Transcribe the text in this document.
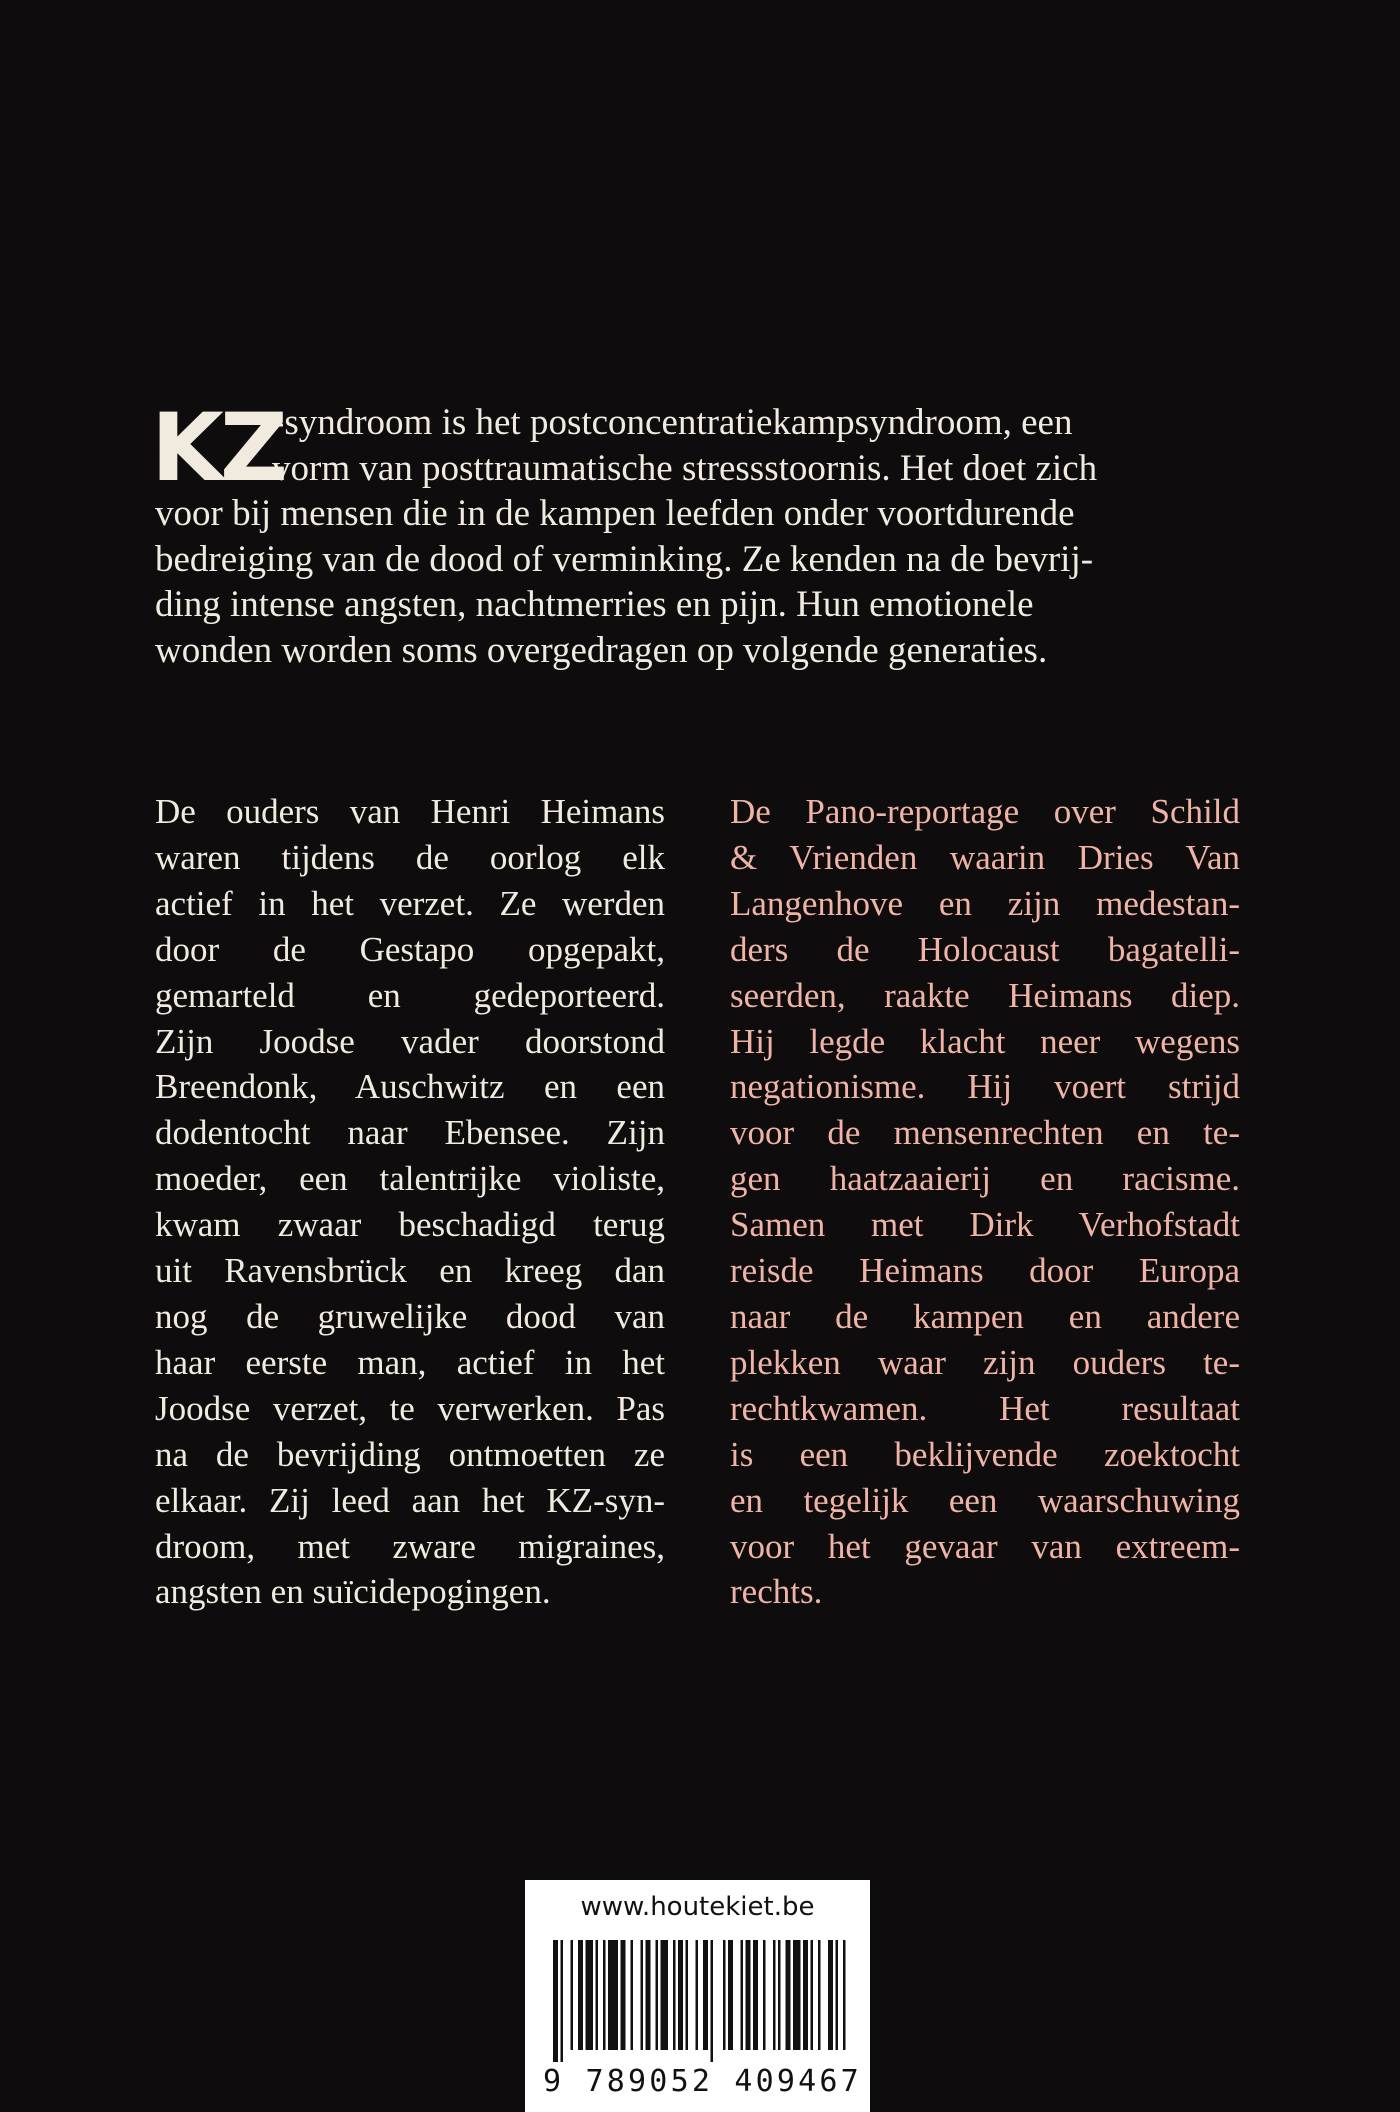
KZ
-syndroom is het postconcentratiekampsyndroom, een
vorm van posttraumatische stressstoornis. Het doet zich
voor bij mensen die in de kampen leefden onder voortdurende
bedreiging van de dood of verminking. Ze kenden na de bevrij-
ding intense angsten, nachtmerries en pijn. Hun emotionele
wonden worden soms overgedragen op volgende generaties.
De ouders van Henri Heimans
waren tijdens de oorlog elk
actief in het verzet. Ze werden
door de Gestapo opgepakt,
gemarteld en gedeporteerd.
Zijn Joodse vader doorstond
Breendonk, Auschwitz en een
dodentocht naar Ebensee. Zijn
moeder, een talentrijke violiste,
kwam zwaar beschadigd terug
uit Ravensbrück en kreeg dan
nog de gruwelijke dood van
haar eerste man, actief in het
Joodse verzet, te verwerken. Pas
na de bevrijding ontmoetten ze
elkaar. Zij leed aan het KZ-syn-
droom, met zware migraines,
angsten en suïcidepogingen.
De Pano-reportage over Schild
& Vrienden waarin Dries Van
Langenhove en zijn medestan-
ders de Holocaust bagatelli-
seerden, raakte Heimans diep.
Hij legde klacht neer wegens
negationisme. Hij voert strijd
voor de mensenrechten en te-
gen haatzaaierij en racisme.
Samen met Dirk Verhofstadt
reisde Heimans door Europa
naar de kampen en andere
plekken waar zijn ouders te-
rechtkwamen. Het resultaat
is een beklijvende zoektocht
en tegelijk een waarschuwing
voor het gevaar van extreem-
rechts.
www.houtekiet.be
9 789052 409467
